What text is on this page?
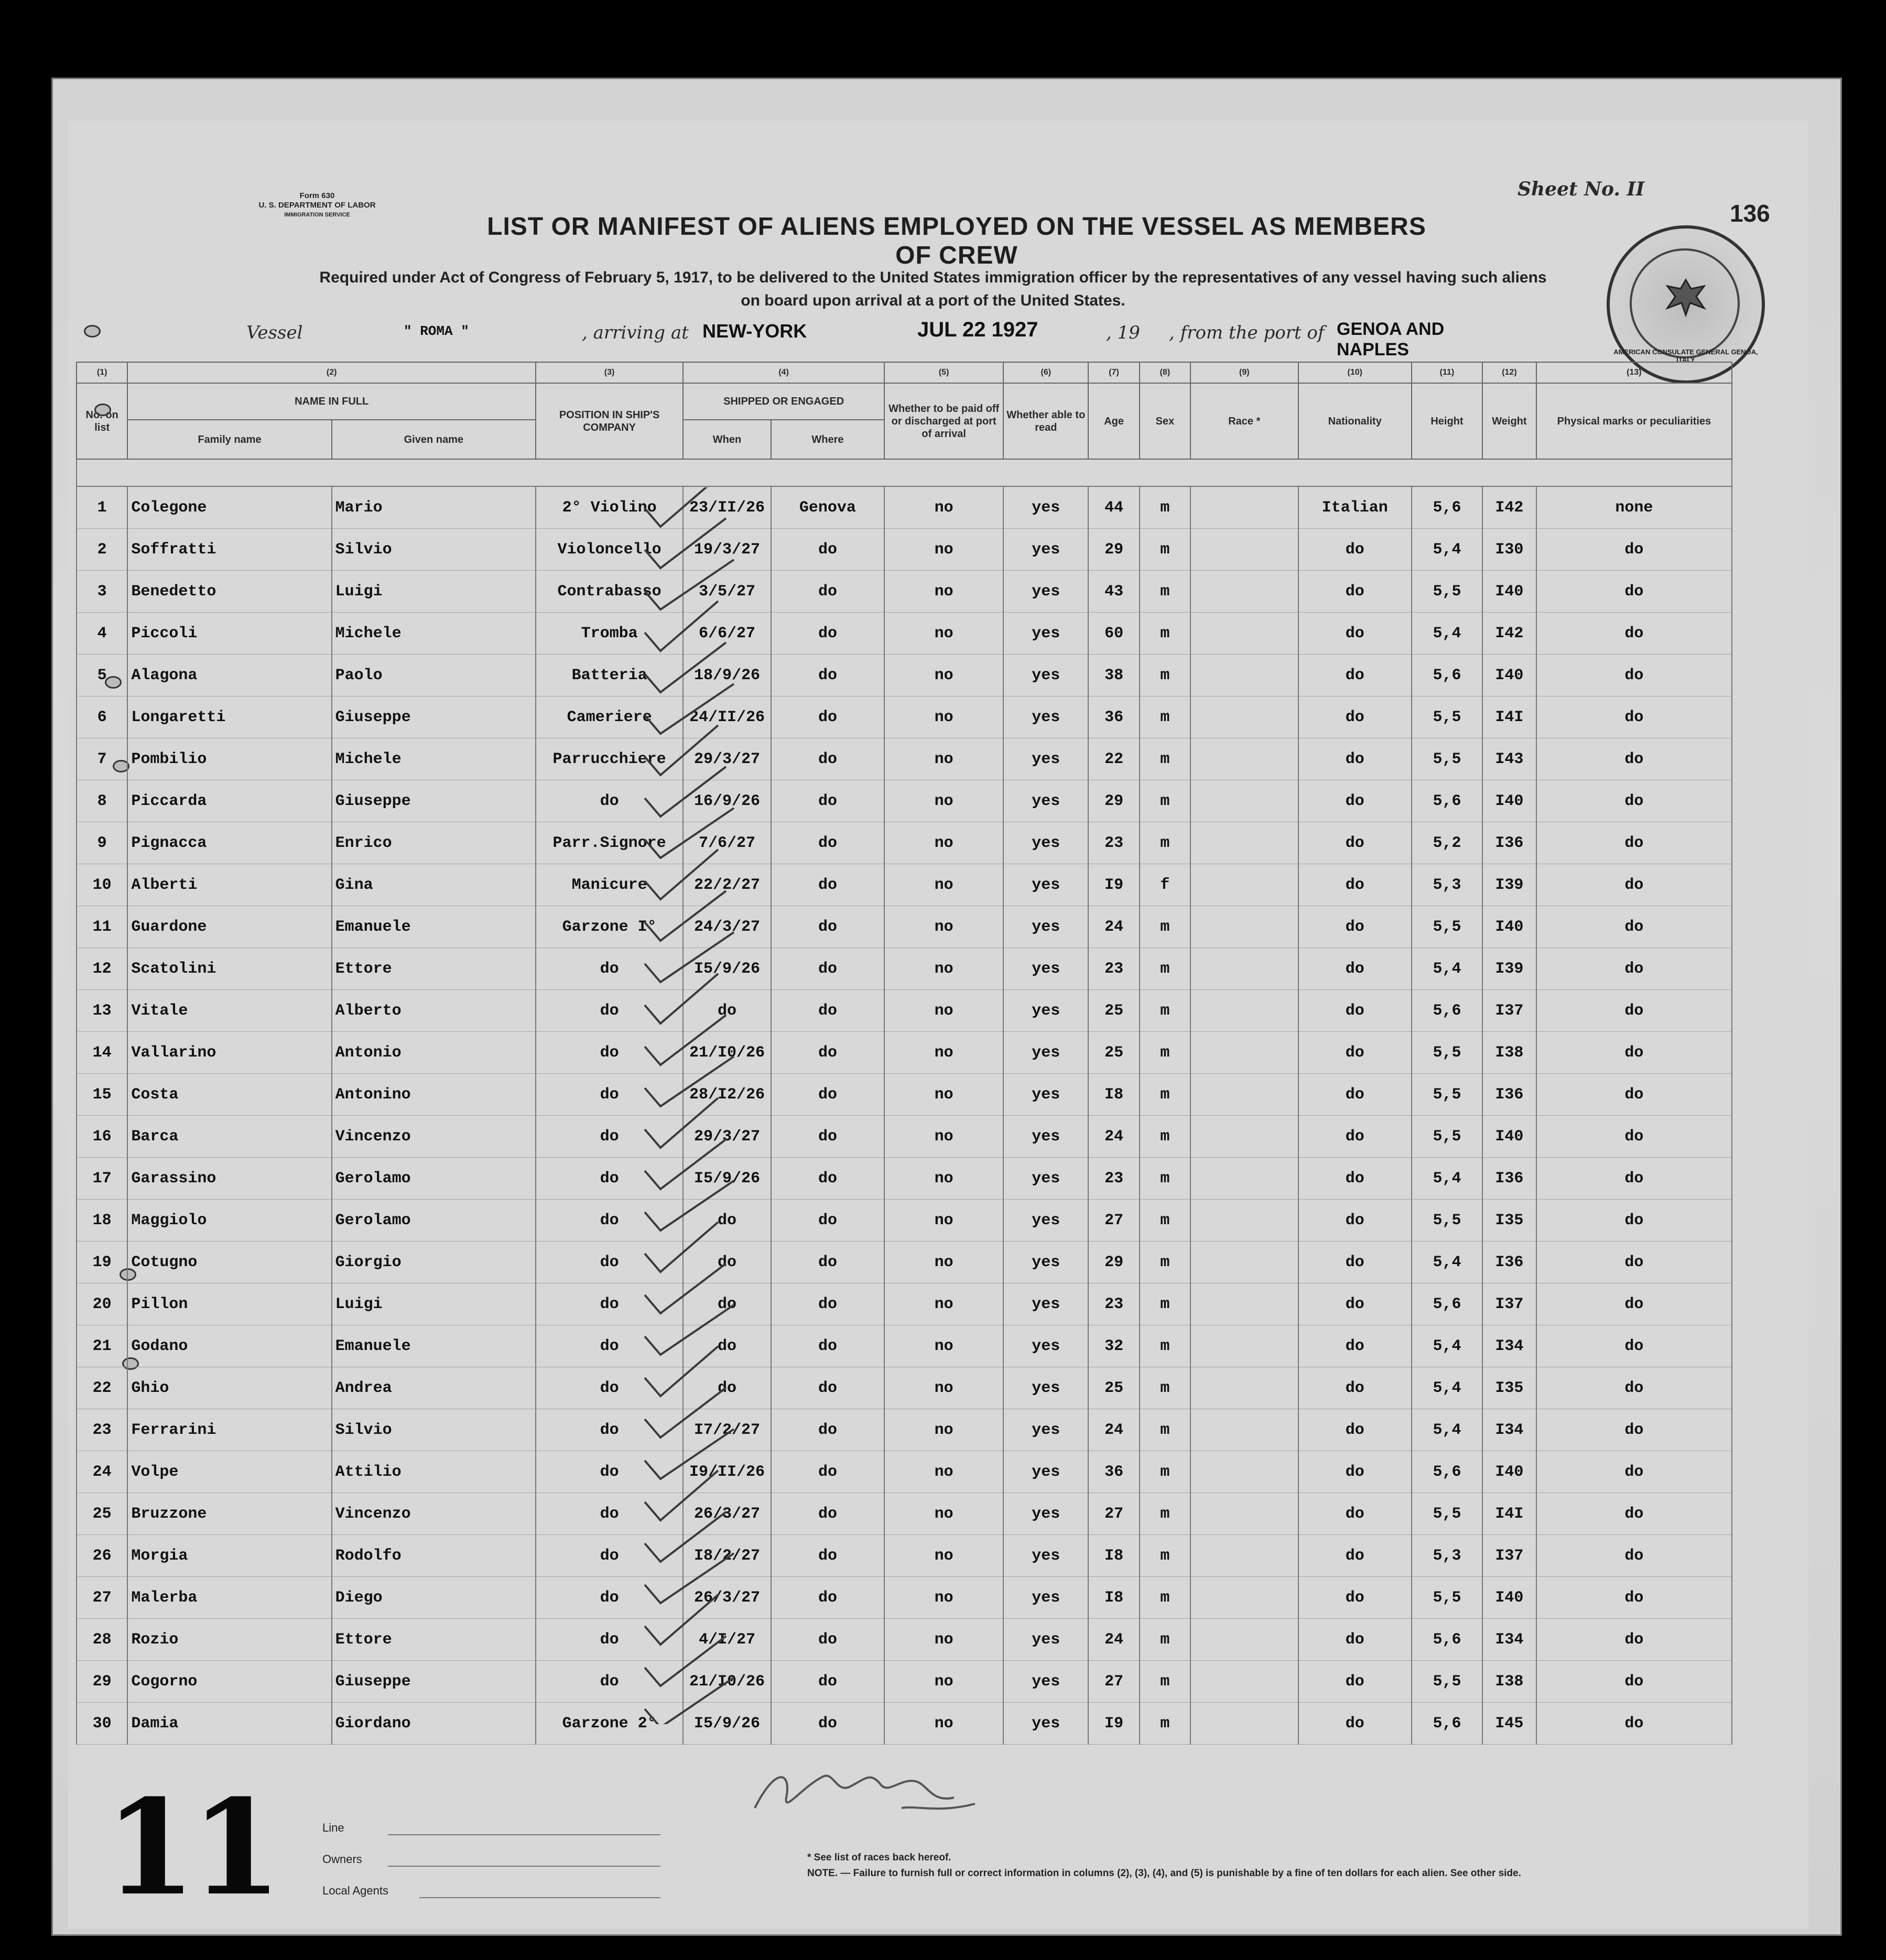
Form 630
U. S. DEPARTMENT OF LABOR
IMMIGRATION SERVICE
Sheet No. II
136
LIST OR MANIFEST OF ALIENS EMPLOYED ON THE VESSEL AS MEMBERS OF CREW
Required under Act of Congress of February 5, 1917, to be delivered to the United States immigration officer by the representatives of any vessel having such aliens
on board upon arrival at a port of the United States.
Vessel	" ROMA "	, arriving at NEW-YORK	JUL 22 1927	, 19 , from the port of GENOA AND NAPLES	AMERICAN CONSULATE GENERAL GENOA, ITALY
(1)	(2)		(3)	(4)		(5)	(6)	(7)	(8)	(9)	(10)	(11)	(12)	(13)
No. on list	NAME IN FULL		POSITION IN SHIP'S COMPANY	SHIPPED OR ENGAGED		Whether to be paid off or discharged at port of arrival	Whether able to read	Age	Sex	Race *	Nationality	Height	Weight	Physical marks or peculiarities
	Family name	Given name		When	Where									

1	Colegone	Mario	2° Violino	23/II/26	Genova	no	yes	44	m		Italian	5,6	I42	none
2	Soffratti	Silvio	Violoncello	19/3/27	do	no	yes	29	m		do	5,4	I30	do
3	Benedetto	Luigi	Contrabasso	3/5/27	do	no	yes	43	m		do	5,5	I40	do
4	Piccoli	Michele	Tromba	6/6/27	do	no	yes	60	m		do	5,4	I42	do
5	Alagona	Paolo	Batteria	18/9/26	do	no	yes	38	m		do	5,6	I40	do
6	Longaretti	Giuseppe	Cameriere	24/II/26	do	no	yes	36	m		do	5,5	I4I	do
7	Pombilio	Michele	Parrucchiere	29/3/27	do	no	yes	22	m		do	5,5	I43	do
8	Piccarda	Giuseppe	do	16/9/26	do	no	yes	29	m		do	5,6	I40	do
9	Pignacca	Enrico	Parr.Signore	7/6/27	do	no	yes	23	m		do	5,2	I36	do
10	Alberti	Gina	Manicure	22/2/27	do	no	yes	I9	f		do	5,3	I39	do
11	Guardone	Emanuele	Garzone I°	24/3/27	do	no	yes	24	m		do	5,5	I40	do
12	Scatolini	Ettore	do	I5/9/26	do	no	yes	23	m		do	5,4	I39	do
13	Vitale	Alberto	do	do	do	no	yes	25	m		do	5,6	I37	do
14	Vallarino	Antonio	do	21/I0/26	do	no	yes	25	m		do	5,5	I38	do
15	Costa	Antonino	do	28/I2/26	do	no	yes	I8	m		do	5,5	I36	do
16	Barca	Vincenzo	do	29/3/27	do	no	yes	24	m		do	5,5	I40	do
17	Garassino	Gerolamo	do	I5/9/26	do	no	yes	23	m		do	5,4	I36	do
18	Maggiolo	Gerolamo	do	do	do	no	yes	27	m		do	5,5	I35	do
19	Cotugno	Giorgio	do	do	do	no	yes	29	m		do	5,4	I36	do
20	Pillon	Luigi	do	do	do	no	yes	23	m		do	5,6	I37	do
21	Godano	Emanuele	do	do	do	no	yes	32	m		do	5,4	I34	do
22	Ghio	Andrea	do	do	do	no	yes	25	m		do	5,4	I35	do
23	Ferrarini	Silvio	do	I7/2/27	do	no	yes	24	m		do	5,4	I34	do
24	Volpe	Attilio	do	I9/II/26	do	no	yes	36	m		do	5,6	I40	do
25	Bruzzone	Vincenzo	do	26/3/27	do	no	yes	27	m		do	5,5	I4I	do
26	Morgia	Rodolfo	do	I8/2/27	do	no	yes	I8	m		do	5,3	I37	do
27	Malerba	Diego	do	26/3/27	do	no	yes	I8	m		do	5,5	I40	do
28	Rozio	Ettore	do	4/I/27	do	no	yes	24	m		do	5,6	I34	do
29	Cogorno	Giuseppe	do	21/I0/26	do	no	yes	27	m		do	5,5	I38	do
30	Damia	Giordano	Garzone 2°	I5/9/26	do	no	yes	I9	m		do	5,6	I45	do
Line
Owners
Local Agents
11	* See list of races back hereof.
NOTE. — Failure to furnish full or correct information in columns (2), (3), (4), and (5) is punishable by a fine of ten dollars for each alien. See other side.
